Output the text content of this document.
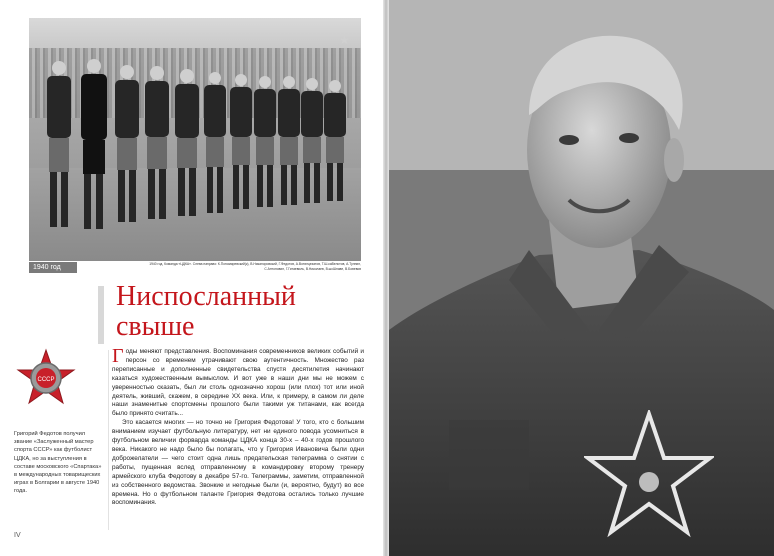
★
1940 год	1940 год. Команда «ЦДКА». Слева направо: К.Пономаревский(к), В.Никаноровский, Г.Федотов, А.Вотинцезатов, Т.Ш.каВелотов, А.Тулпин, С.Антоновин, Г.Гитаевиль, В.Николаев, В.шсШнаве, В.Бовевов
Ниспосланный свыше

Годы меняют представления. Воспоминания современников великих событий и персон со временем утрачивают свою аутентичность. Множество раз переписанные и дополненные свидетельства спустя десятилетия начинают казаться художественным вымыслом. И вот уже в наши дни мы не можем с уверенностью сказать, был ли столь однозначно хорош (или плох) тот или иной деятель, живший, скажем, в середине XX века. Или, к примеру, в самом ли деле наши знаменитые спортсмены прошлого были такими уж титанами, как всегда было принято считать...

Это касается многих — но точно не Григория Федотова! У того, кто с большим вниманием изучает футбольную литературу, нет ни единого повода усомниться в футбольном величии форварда команды ЦДКА конца 30-х – 40-х годов прошлого века. Никакого не надо было бы полагать, что у Григория Ивановича были одни доброжелатели — чего стоит одна лишь предательская телеграмма о снятии с работы, пущенная вслед отправленному в командировку второму тренеру армейского клуба Федотову в декабре 57-го. Телеграммы, заметим, отправленной из собственного ведомства. Звонкие и негодные были (и, вероятно, будут) во все времена. Но о футбольном таланте Григория Федотова остались только лучшие воспоминания.

СССР
Григорий Федотов получил звание «Заслуженный мастер спорта СССР» как футболист ЦДКА, но за выступления в составе московского «Спартака» в международных товарищеских играх в Болгарии в августе 1940 года.
IV
